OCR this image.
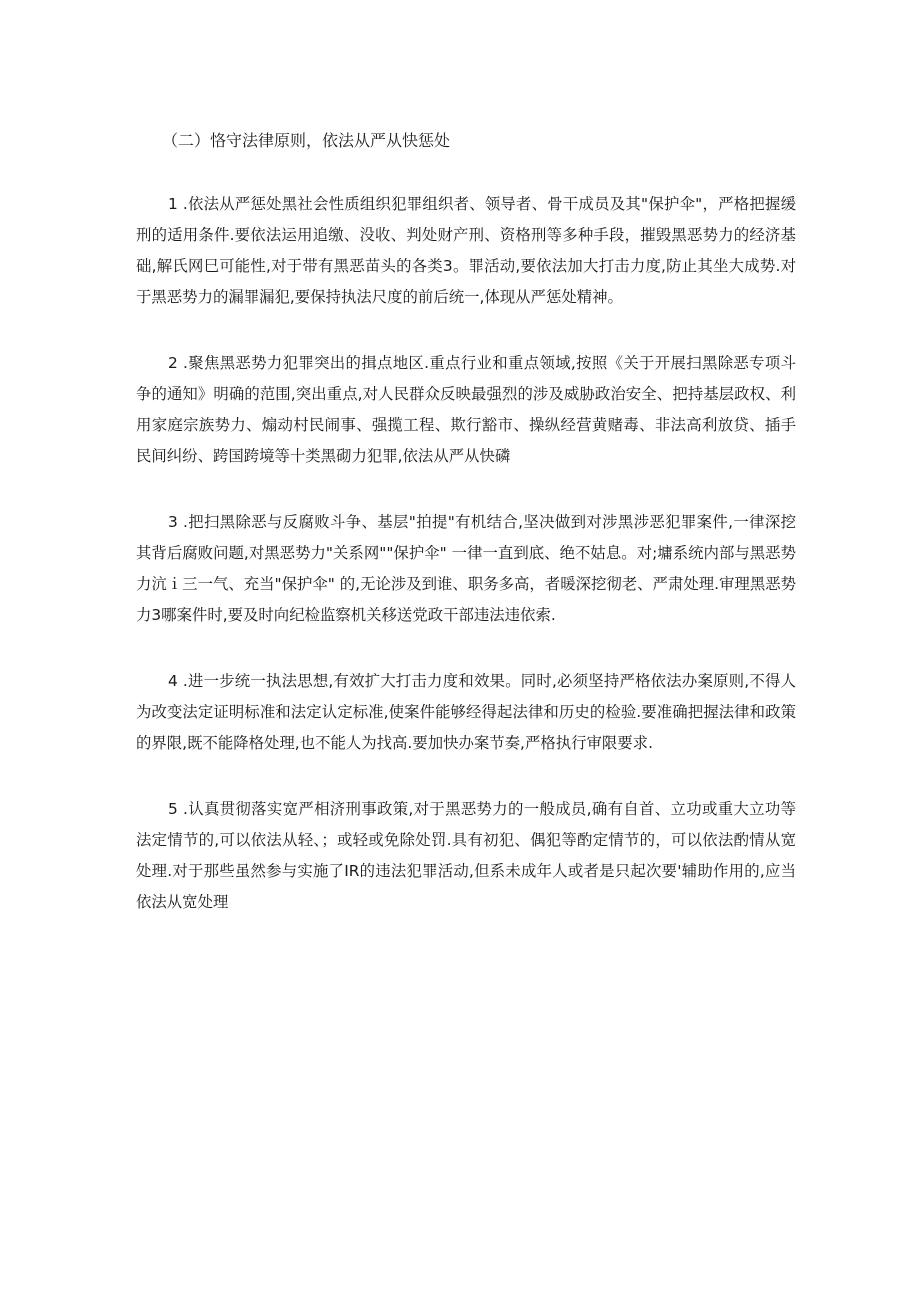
（二）恪守法律原则，依法从严从快惩处

1 .依法从严惩处黑社会性质组织犯罪组织者、领导者、骨干成员及其"保护伞"，严格把握缓刑的适用条件.要依法运用追缴、没收、判处财产刑、资格刑等多种手段，摧毁黑恶势力的经济基础,解氏网巳可能性,对于带有黑恶苗头的各类3。罪活动,要依法加大打击力度,防止其坐大成势.对于黑恶势力的漏罪漏犯,要保持执法尺度的前后统一,体现从严惩处精神。

2 .聚焦黑恶势力犯罪突出的揖点地区.重点行业和重点领域,按照《关于开展扫黑除恶专项斗争的通知》明确的范围,突出重点,对人民群众反映最强烈的涉及威胁政治安全、把持基层政权、利用家庭宗族势力、煽动村民闹事、强揽工程、欺行豁市、操纵经营黄赌毒、非法高利放贷、插手民间纠纷、跨国跨境等十类黑砌力犯罪,依法从严从快磷

3 .把扫黑除恶与反腐败斗争、基层"拍提"有机结合,坚决做到对涉黑涉恶犯罪案件,一律深挖其背后腐败问题,对黑恶势力"关系网""保护伞" 一律一直到底、绝不姑息。对;墉系统内部与黑恶势力沆ｉ三一气、充当"保护伞" 的,无论涉及到谁、职务多高，者暖深挖彻老、严肃处理.审理黑恶势力3哪案件时,要及时向纪检监察机关移送党政干部违法违依索.

4 .进一步统一执法思想,有效扩大打击力度和效果。同时,必须坚持严格依法办案原则,不得人为改变法定证明标准和法定认定标准,使案件能够经得起法律和历史的检验.要准确把握法律和政策的界限,既不能降格处理,也不能人为找高.要加快办案节奏,严格执行审限要求.

5 .认真贯彻落实宽严相济刑事政策,对于黑恶势力的一般成员,确有自首、立功或重大立功等法定情节的,可以依法从轻、；或轻或免除处罚.具有初犯、偶犯等酌定情节的，可以依法酌情从宽处理.对于那些虽然参与实施了IR的违法犯罪活动,但系未成年人或者是只起次要'辅助作用的,应当依法从宽处理
